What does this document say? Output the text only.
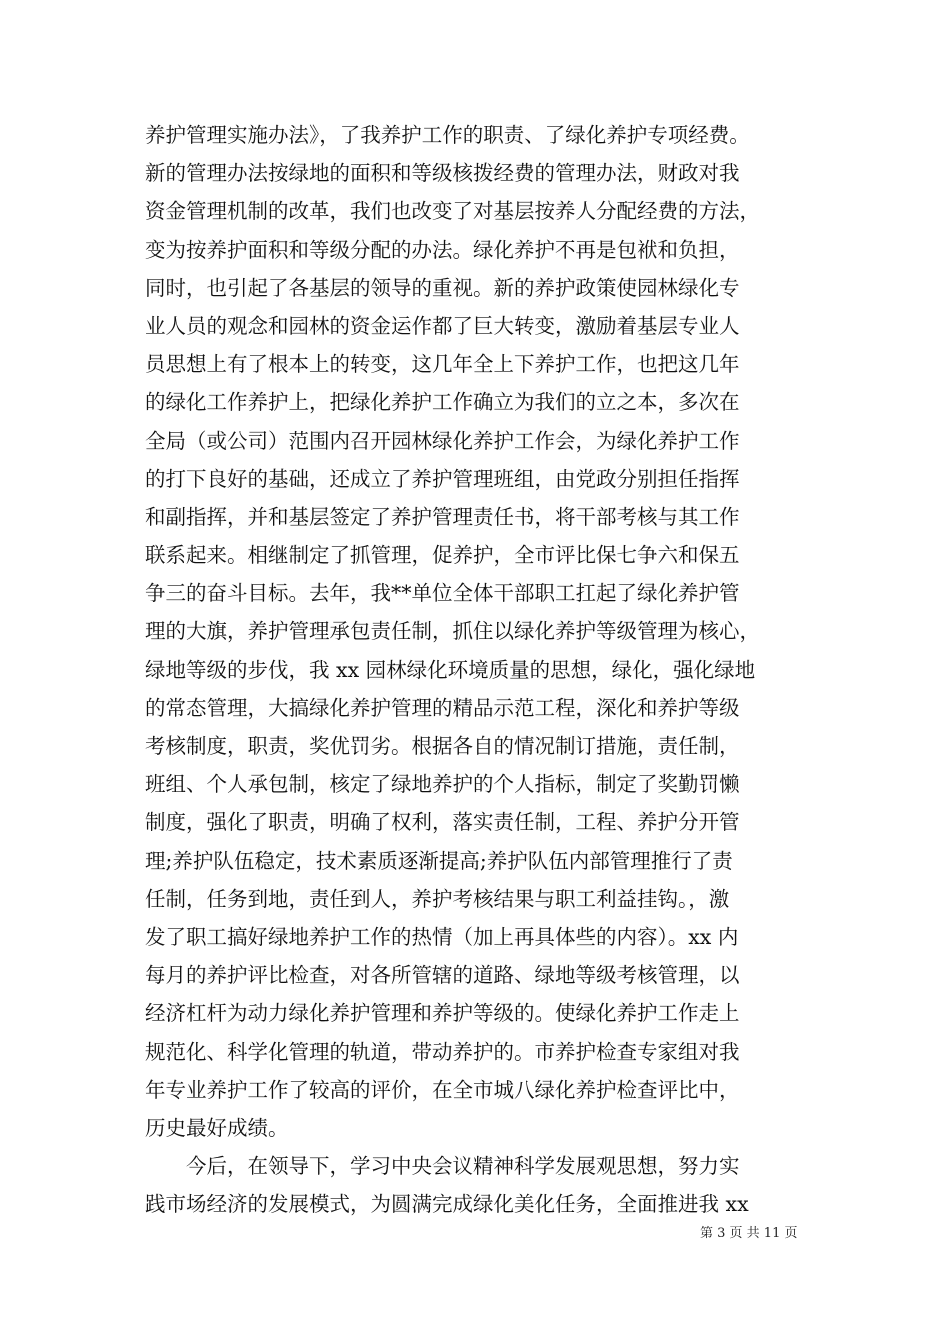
养护管理实施办法》，了我养护工作的职责、了绿化养护专项经费。
新的管理办法按绿地的面积和等级核拨经费的管理办法，财政对我
资金管理机制的改革，我们也改变了对基层按养人分配经费的方法，
变为按养护面积和等级分配的办法。绿化养护不再是包袱和负担，
同时，也引起了各基层的领导的重视。新的养护政策使园林绿化专
业人员的观念和园林的资金运作都了巨大转变，激励着基层专业人
员思想上有了根本上的转变，这几年全上下养护工作，也把这几年
的绿化工作养护上，把绿化养护工作确立为我们的立之本，多次在
全局（或公司）范围内召开园林绿化养护工作会，为绿化养护工作
的打下良好的基础，还成立了养护管理班组，由党政分别担任指挥
和副指挥，并和基层签定了养护管理责任书，将干部考核与其工作
联系起来。相继制定了抓管理，促养护，全市评比保七争六和保五
争三的奋斗目标。去年，我**单位全体干部职工扛起了绿化养护管
理的大旗，养护管理承包责任制，抓住以绿化养护等级管理为核心，
绿地等级的步伐，我 xx 园林绿化环境质量的思想，绿化，强化绿地
的常态管理，大搞绿化养护管理的精品示范工程，深化和养护等级
考核制度，职责，奖优罚劣。根据各自的情况制订措施，责任制，
班组、个人承包制，核定了绿地养护的个人指标，制定了奖勤罚懒
制度，强化了职责，明确了权利，落实责任制，工程、养护分开管
理;养护队伍稳定，技术素质逐渐提高;养护队伍内部管理推行了责
任制，任务到地，责任到人，养护考核结果与职工利益挂钩。，激
发了职工搞好绿地养护工作的热情（加上再具体些的内容）。xx 内
每月的养护评比检查，对各所管辖的道路、绿地等级考核管理，以
经济杠杆为动力绿化养护管理和养护等级的。使绿化养护工作走上
规范化、科学化管理的轨道，带动养护的。市养护检查专家组对我
年专业养护工作了较高的评价，在全市城八绿化养护检查评比中，
历史最好成绩。
今后，在领导下，学习中央会议精神科学发展观思想，努力实
践市场经济的发展模式，为圆满完成绿化美化任务，全面推进我 xx
第 3 页 共 11 页
